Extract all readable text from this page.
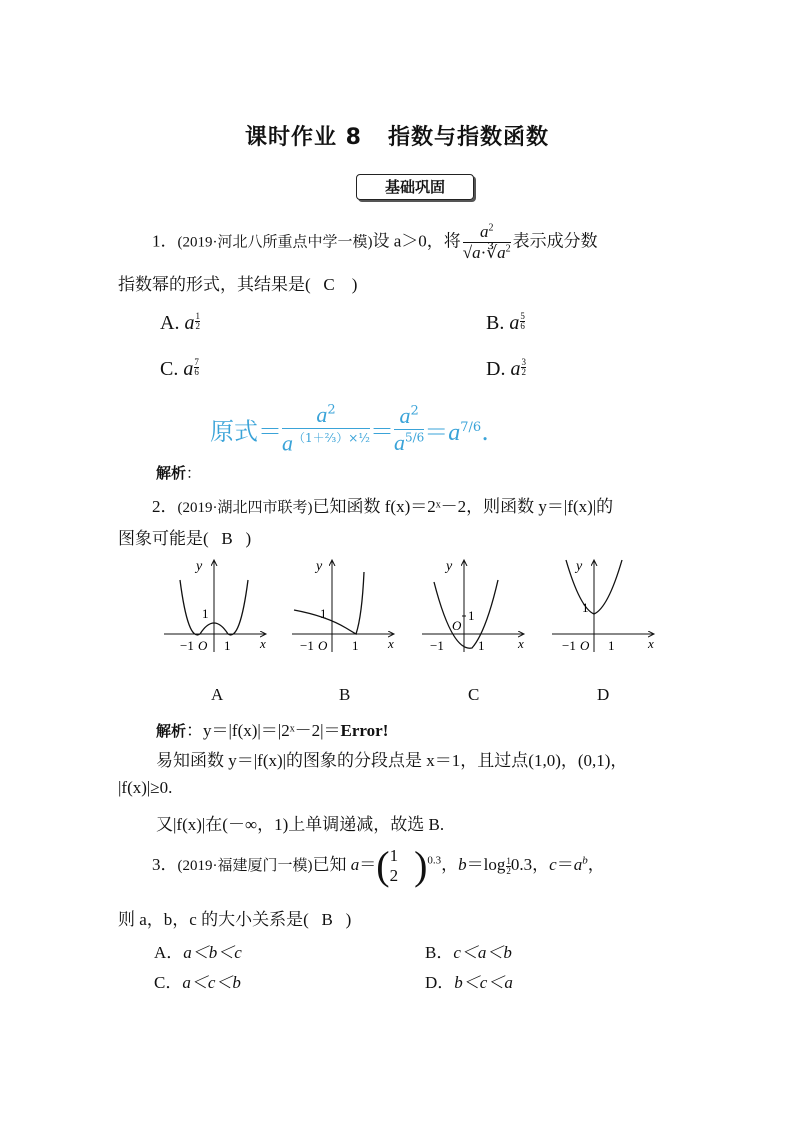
课时作业 8 指数与指数函数
基础巩固
1．(2019·河北八所重点中学一模)设 a＞0，将 $\frac{a^2}{√a\cdot∛a^2}$ 表示成分数
指数幂的形式，其结果是( C )
A. a $\frac{1}{2}$	B. a $\frac{5}{6}$
C. a $\frac{7}{6}$	D. a $\frac{3}{2}$
原式＝ $\frac{a^2}{a^{(1+\frac{2}{3})\times\frac{1}{2}}} = \frac{a^2}{a^{5/6}} =a^{7/6}$.
解析：
2．(2019·湖北四市联考)已知函数 f(x)＝2ˣ－2，则函数 y＝|f(x)|的
图象可能是( B )
y
1
−1 O 1 x
y
1
−1 O 1 x
y
1
O
−1	1	x
y
1
−1 O 1	x
A	B	C	D
解析：y＝|f(x)|＝|2ˣ－2|＝Error!
易知函数 y＝|f(x)|的图象的分段点是 x＝1，且过点(1,0)，(0,1)，
|f(x)|≥0.
又|f(x)|在(－∞，1)上单调递减，故选 B.
3．(2019·福建厦门一模)已知 a＝( 1
2 )$^{0.3}$，b＝log $_{\frac{1}{2}}$ 0.3，$c=a^b$，
则 a，b，c 的大小关系是( B )
A．a＜b＜c	B．c＜a＜b
C．a＜c＜b	D．b＜c＜a
